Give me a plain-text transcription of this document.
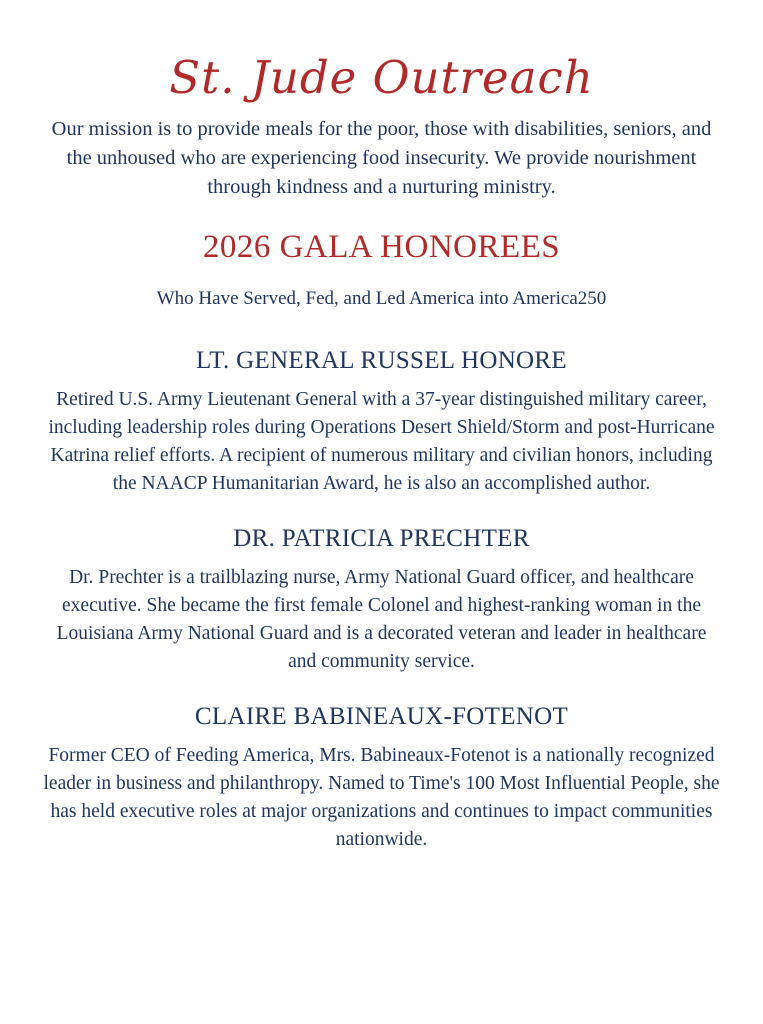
St. Jude Outreach

Our mission is to provide meals for the poor, those with disabilities, seniors, and the unhoused who are experiencing food insecurity. We provide nourishment through kindness and a nurturing ministry.

2026 GALA HONOREES

Who Have Served, Fed, and Led America into America250

LT. GENERAL RUSSEL HONORE

Retired U.S. Army Lieutenant General with a 37-year distinguished military career, including leadership roles during Operations Desert Shield/Storm and post-Hurricane Katrina relief efforts. A recipient of numerous military and civilian honors, including the NAACP Humanitarian Award, he is also an accomplished author.

DR. PATRICIA PRECHTER

Dr. Prechter is a trailblazing nurse, Army National Guard officer, and healthcare executive. She became the first female Colonel and highest-ranking woman in the Louisiana Army National Guard and is a decorated veteran and leader in healthcare and community service.

CLAIRE BABINEAUX-FOTENOT

Former CEO of Feeding America, Mrs. Babineaux-Fotenot is a nationally recognized leader in business and philanthropy. Named to Time's 100 Most Influential People, she has held executive roles at major organizations and continues to impact communities nationwide.
